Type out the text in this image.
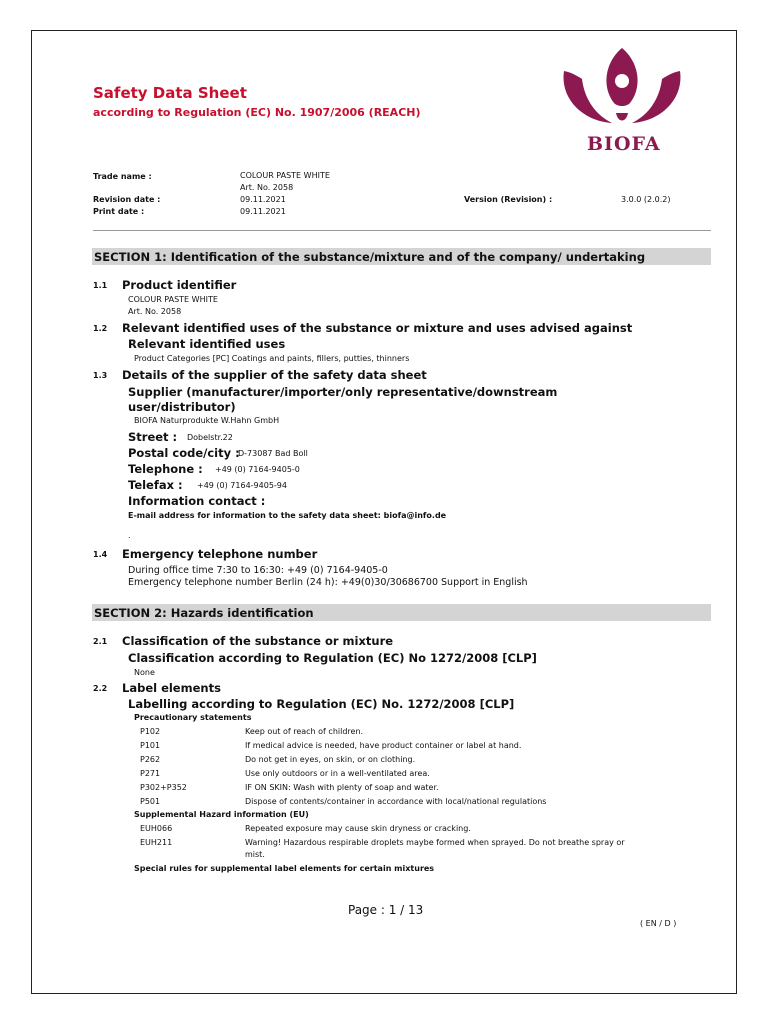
Safety Data Sheet
according to Regulation (EC) No. 1907/2006 (REACH)
BIOFA
Trade name :	COLOUR PASTE WHITE
Art. No. 2058
Revision date :	09.11.2021	Version (Revision) :	3.0.0 (2.0.2)
Print date :	09.11.2021
SECTION 1: Identification of the substance/mixture and of the company/ undertaking
1.1 Product identifier
COLOUR PASTE WHITE
Art. No. 2058
1.2 Relevant identified uses of the substance or mixture and uses advised against
Relevant identified uses
Product Categories [PC] Coatings and paints, fillers, putties, thinners
1.3 Details of the supplier of the safety data sheet
Supplier (manufacturer/importer/only representative/downstream
user/distributor)
BIOFA Naturprodukte W.Hahn GmbH
Street : Dobelstr.22
Postal code/city :
D-73087 Bad Boll
Telephone : +49 (0) 7164-9405-0
Telefax : +49 (0) 7164-9405-94
Information contact :
E-mail address for information to the safety data sheet: biofa@info.de
.
1.4 Emergency telephone number
During office time 7:30 to 16:30: +49 (0) 7164-9405-0
Emergency telephone number Berlin (24 h): +49(0)30/30686700 Support in English
SECTION 2: Hazards identification
2.1 Classification of the substance or mixture
Classification according to Regulation (EC) No 1272/2008 [CLP]
None
2.2 Label elements
Labelling according to Regulation (EC) No. 1272/2008 [CLP]
Precautionary statements
P102	Keep out of reach of children.
P101	If medical advice is needed, have product container or label at hand.
P262	Do not get in eyes, on skin, or on clothing.
P271	Use only outdoors or in a well-ventilated area.
P302+P352	IF ON SKIN: Wash with plenty of soap and water.
P501	Dispose of contents/container in accordance with local/national regulations
Supplemental Hazard information (EU)
EUH066	Repeated exposure may cause skin dryness or cracking.
EUH211	Warning! Hazardous respirable droplets maybe formed when sprayed. Do not breathe spray or
mist.
Special rules for supplemental label elements for certain mixtures
Page : 1 / 13
( EN / D )
